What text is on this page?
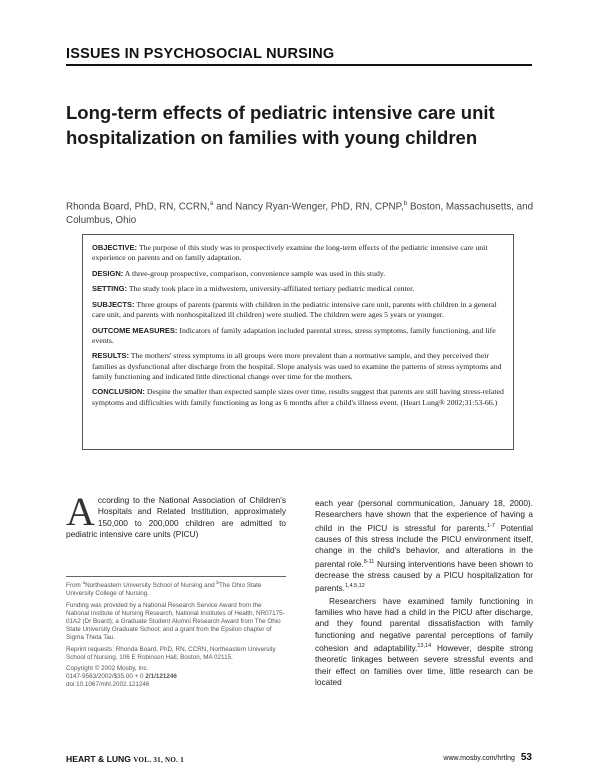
ISSUES IN PSYCHOSOCIAL NURSING
Long-term effects of pediatric intensive care unit hospitalization on families with young children
Rhonda Board, PhD, RN, CCRN,$^a$ and Nancy Ryan-Wenger, PhD, RN, CPNP,$^b$ Boston, Massachusetts, and Columbus, Ohio

OBJECTIVE: The purpose of this study was to prospectively examine the long-term effects of the pediatric intensive care unit experience on parents and on family adaptation.

DESIGN: A three-group prospective, comparison, convenience sample was used in this study.

SETTING: The study took place in a midwestern, university-affiliated tertiary pediatric medical center.

SUBJECTS: Three groups of parents (parents with children in the pediatric intensive care unit, parents with children in a general care unit, and parents with nonhospitalized ill children) were studied. The children were ages 5 years or younger.

OUTCOME MEASURES: Indicators of family adaptation included parental stress, stress symptoms, family functioning, and life events.

RESULTS: The mothers' stress symptoms in all groups were more prevalent than a normative sample, and they perceived their families as dysfunctional after discharge from the hospital. Slope analysis was used to examine the patterns of stress symptoms and family functioning and indicated little directional change over time for the mothers.

CONCLUSION: Despite the smaller than expected sample sizes over time, results suggest that parents are still having stress-related symptoms and difficulties with family functioning as long as 6 months after a child's illness event. (Heart Lung® 2002;31:53-66.)

According to the National Association of Children's Hospitals and Related Institution, approximately 150,000 to 200,000 children are admitted to pediatric intensive care units (PICU)

From $^a$Northeastern University School of Nursing and $^b$The Ohio State University College of Nursing.

Funding was provided by a National Research Service Award from the National Institute of Nursing Research, National Institutes of Health, NR07175-01A2 (Dr Board); a Graduate Student Alumni Research Award from The Ohio State University Graduate School; and a grant from the Epsilon chapter of Sigma Theta Tau.

Reprint requests: Rhonda Board, PhD, RN, CCRN, Northeastern University School of Nursing, 106 E Robinson Hall, Boston, MA 02115.

Copyright © 2002 Mosby, Inc.

0147-9563/2002/$35.00 + 0 2/1/121246

doi:10.1067/mhl.2002.121246

each year (personal communication, January 18, 2000). Researchers have shown that the experience of having a child in the PICU is stressful for parents.$^{1-7}$ Potential causes of this stress include the PICU environment itself, change in the child's behavior, and alterations in the parental role.$^{8-11}$ Nursing interventions have been shown to decrease the stress caused by a PICU hospitalization for parents.$^{1,4,5,12}$
Researchers have examined family functioning in families who have had a child in the PICU after discharge, and they found parental dissatisfaction with family functioning and negative parental perceptions of family cohesion and adaptability.$^{13,14}$ However, despite strong theoretic linkages between severe stressful events and their effect on families over time, little research can be located
HEART & LUNG VOL. 31, NO. 1	www.mosby.com/hrtlng 53
